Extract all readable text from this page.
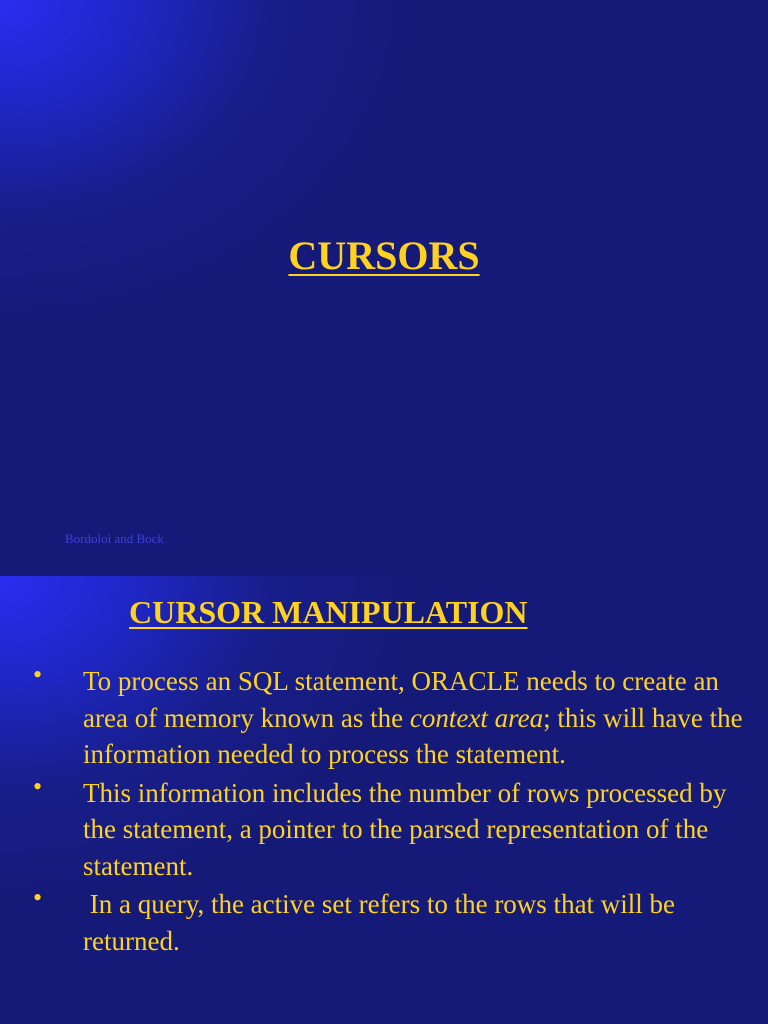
CURSORS
Bordoloi and Bock
CURSOR MANIPULATION
• To process an SQL statement, ORACLE needs to create an area of memory known as the context area; this will have the information needed to process the statement.
• This information includes the number of rows processed by the statement, a pointer to the parsed representation of the statement.
• In a query, the active set refers to the rows that will be returned.
